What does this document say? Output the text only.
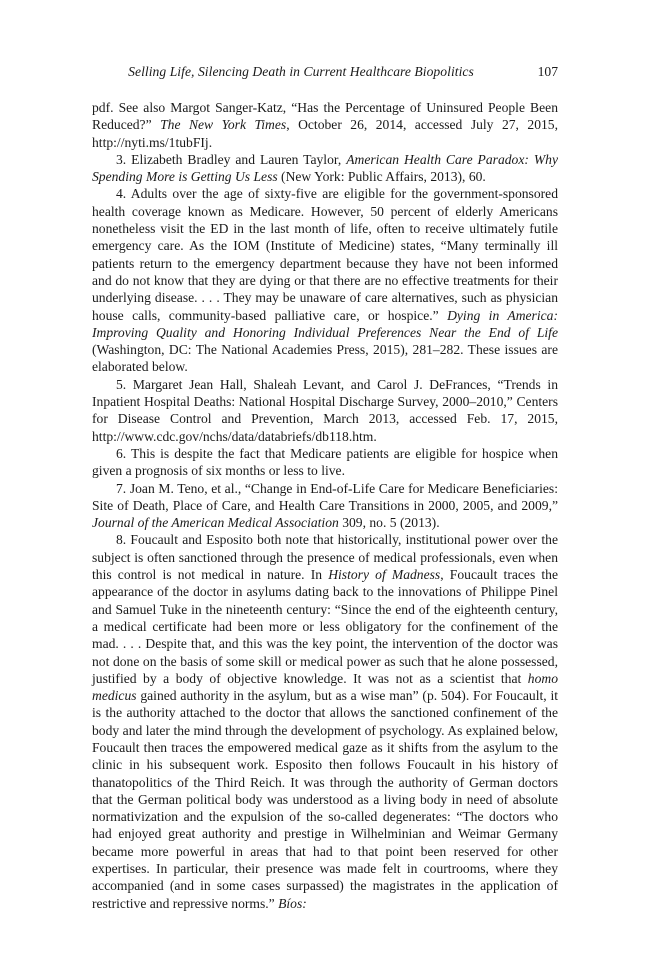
Selling Life, Silencing Death in Current Healthcare Biopolitics	107

pdf. See also Margot Sanger-Katz, “Has the Percentage of Uninsured People Been Reduced?” The New York Times, October 26, 2014, accessed July 27, 2015, http://nyti.ms/1tubFIj.

3. Elizabeth Bradley and Lauren Taylor, American Health Care Paradox: Why Spending More is Getting Us Less (New York: Public Affairs, 2013), 60.

4. Adults over the age of sixty-five are eligible for the government-sponsored health coverage known as Medicare. However, 50 percent of elderly Americans nonetheless visit the ED in the last month of life, often to receive ultimately futile emergency care. As the IOM (Institute of Medicine) states, “Many terminally ill patients return to the emergency department because they have not been informed and do not know that they are dying or that there are no effective treatments for their underlying disease. . . . They may be unaware of care alternatives, such as physician house calls, community-based palliative care, or hospice.” Dying in America: Improving Quality and Honoring Individual Preferences Near the End of Life (Washington, DC: The National Academies Press, 2015), 281–282. These issues are elaborated below.

5. Margaret Jean Hall, Shaleah Levant, and Carol J. DeFrances, “Trends in Inpatient Hospital Deaths: National Hospital Discharge Survey, 2000–2010,” Centers for Disease Control and Prevention, March 2013, accessed Feb. 17, 2015, http://www.cdc.gov/nchs/data/databriefs/db118.htm.

6. This is despite the fact that Medicare patients are eligible for hospice when given a prognosis of six months or less to live.

7. Joan M. Teno, et al., “Change in End-of-Life Care for Medicare Beneficiaries: Site of Death, Place of Care, and Health Care Transitions in 2000, 2005, and 2009,” Journal of the American Medical Association 309, no. 5 (2013).

8. Foucault and Esposito both note that historically, institutional power over the subject is often sanctioned through the presence of medical professionals, even when this control is not medical in nature. In History of Madness, Foucault traces the appearance of the doctor in asylums dating back to the innovations of Philippe Pinel and Samuel Tuke in the nineteenth century: “Since the end of the eighteenth century, a medical certificate had been more or less obligatory for the confinement of the mad. . . . Despite that, and this was the key point, the intervention of the doctor was not done on the basis of some skill or medical power as such that he alone possessed, justified by a body of objective knowledge. It was not as a scientist that homo medicus gained authority in the asylum, but as a wise man” (p. 504). For Foucault, it is the authority attached to the doctor that allows the sanctioned confinement of the body and later the mind through the development of psychology. As explained below, Foucault then traces the empowered medical gaze as it shifts from the asylum to the clinic in his subsequent work. Esposito then follows Foucault in his history of thanatopolitics of the Third Reich. It was through the authority of German doctors that the German political body was understood as a living body in need of absolute normativization and the expulsion of the so-called degenerates: “The doctors who had enjoyed great authority and prestige in Wilhelminian and Weimar Germany became more powerful in areas that had to that point been reserved for other expertises. In particular, their presence was made felt in courtrooms, where they accompanied (and in some cases surpassed) the magistrates in the application of restrictive and repressive norms.” Bíos:
